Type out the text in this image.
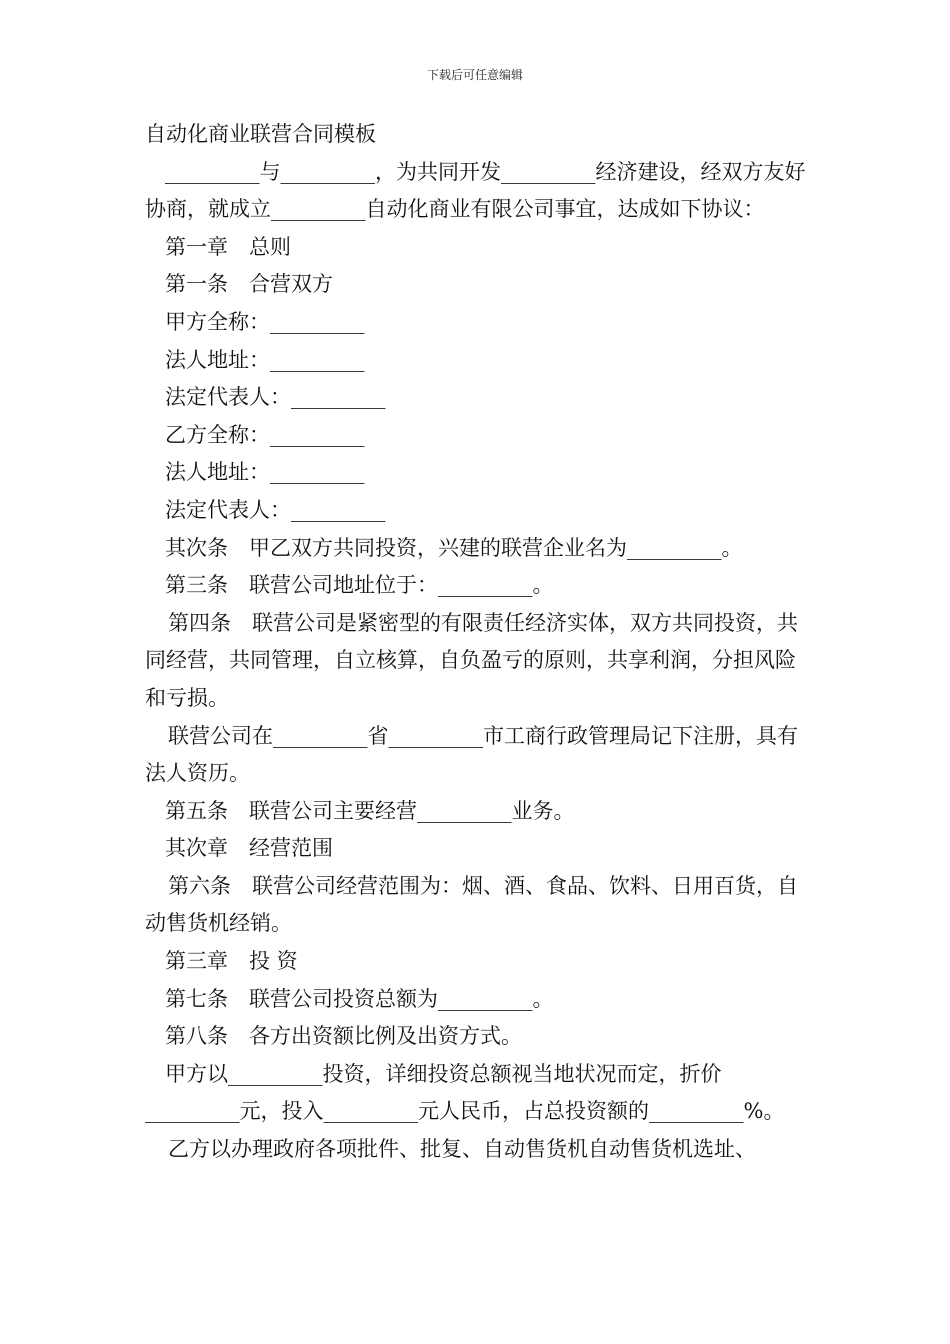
下载后可任意编辑

自动化商业联营合同模板

_________与_________，为共同开发_________经济建设，经双方友好协商，就成立_________自动化商业有限公司事宜，达成如下协议：

第一章　总则

第一条　合营双方

甲方全称：_________

法人地址：_________

法定代表人：_________

乙方全称：_________

法人地址：_________

法定代表人：_________

其次条　甲乙双方共同投资，兴建的联营企业名为_________。

第三条　联营公司地址位于：_________。

第四条　联营公司是紧密型的有限责任经济实体，双方共同投资，共同经营，共同管理，自立核算，自负盈亏的原则，共享利润，分担风险和亏损。

联营公司在_________省_________市工商行政管理局记下注册，具有法人资历。

第五条　联营公司主要经营_________业务。

其次章　经营范围

第六条　联营公司经营范围为：烟、酒、食品、饮料、日用百货，自动售货机经销。

第三章　投 资

第七条　联营公司投资总额为_________。

第八条　各方出资额比例及出资方式。

甲方以_________投资，详细投资总额视当地状况而定，折价_________元，投入_________元人民币，占总投资额的_________%。

乙方以办理政府各项批件、批复、自动售货机自动售货机选址、
